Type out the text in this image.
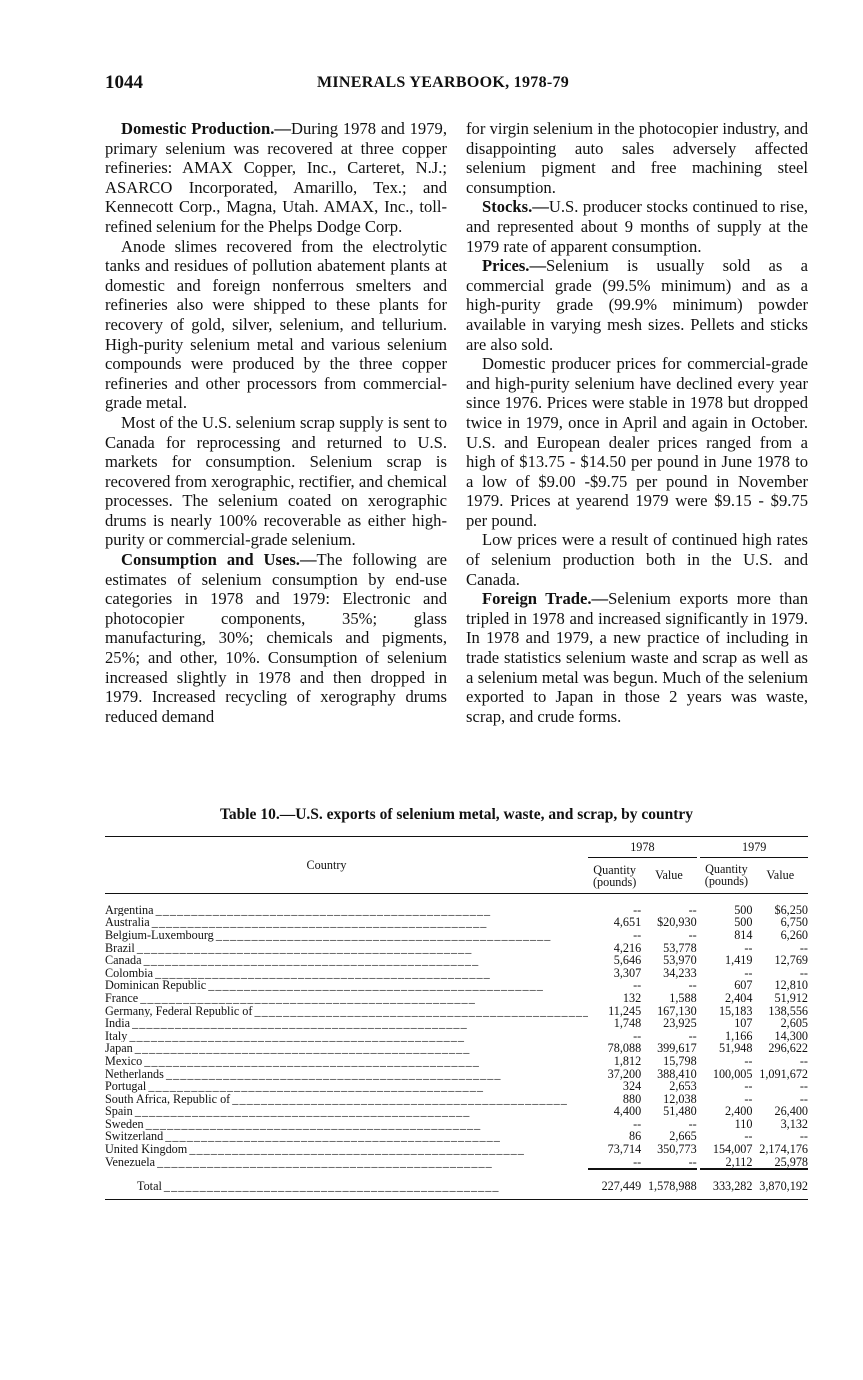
1044	MINERALS YEARBOOK, 1978-79

Domestic Production.—During 1978 and 1979, primary selenium was recovered at three copper refineries: AMAX Copper, Inc., Carteret, N.J.; ASARCO Incorporated, Amarillo, Tex.; and Kennecott Corp., Magna, Utah. AMAX, Inc., toll-refined selenium for the Phelps Dodge Corp.

Anode slimes recovered from the electrolytic tanks and residues of pollution abatement plants at domestic and foreign nonferrous smelters and refineries also were shipped to these plants for recovery of gold, silver, selenium, and tellurium. High-purity selenium metal and various selenium compounds were produced by the three copper refineries and other processors from commercial-grade metal.

Most of the U.S. selenium scrap supply is sent to Canada for reprocessing and returned to U.S. markets for consumption. Selenium scrap is recovered from xerographic, rectifier, and chemical processes. The selenium coated on xerographic drums is nearly 100% recoverable as either high-purity or commercial-grade selenium.

Consumption and Uses.—The following are estimates of selenium consumption by end-use categories in 1978 and 1979: Electronic and photocopier components, 35%; glass manufacturing, 30%; chemicals and pigments, 25%; and other, 10%. Consumption of selenium increased slightly in 1978 and then dropped in 1979. Increased recycling of xerography drums reduced demand

for virgin selenium in the photocopier industry, and disappointing auto sales adversely affected selenium pigment and free machining steel consumption.

Stocks.—U.S. producer stocks continued to rise, and represented about 9 months of supply at the 1979 rate of apparent consumption.

Prices.—Selenium is usually sold as a commercial grade (99.5% minimum) and as a high-purity grade (99.9% minimum) powder available in varying mesh sizes. Pellets and sticks are also sold.

Domestic producer prices for commercial-grade and high-purity selenium have declined every year since 1976. Prices were stable in 1978 but dropped twice in 1979, once in April and again in October. U.S. and European dealer prices ranged from a high of $13.75 - $14.50 per pound in June 1978 to a low of $9.00 -$9.75 per pound in November 1979. Prices at yearend 1979 were $9.15 - $9.75 per pound.

Low prices were a result of continued high rates of selenium production both in the U.S. and Canada.

Foreign Trade.—Selenium exports more than tripled in 1978 and increased significantly in 1979. In 1978 and 1979, a new practice of including in trade statistics selenium waste and scrap as well as a selenium metal was begun. Much of the selenium exported to Japan in those 2 years was waste, scrap, and crude forms.

Table 10.—U.S. exports of selenium metal, waste, and scrap, by country
Country	1978			1979	
	Quantity (pounds)	Value		Quantity (pounds)	Value

Argentina _ _ _	--	--		500	$6,250

Australia _ _ _	4,651	$20,930		500	6,750

Belgium-Luxembourg _ _ _	--	--		814	6,260

Brazil _ _ _	4,216	53,778		--	--

Canada _ _ _	5,646	53,970		1,419	12,769

Colombia _ _ _	3,307	34,233		--	--

Dominican Republic _ _ _	--	--		607	12,810

France _ _ _	132	1,588		2,404	51,912

Germany, Federal Republic of _ _ _	11,245	167,130		15,183	138,556

India _ _ _	1,748	23,925		107	2,605

Italy _ _ _	--	--		1,166	14,300

Japan _ _ _	78,088	399,617		51,948	296,622

Mexico _ _ _	1,812	15,798		--	--

Netherlands _ _ _	37,200	388,410		100,005	1,091,672

Portugal _ _ _	324	2,653		--	--

South Africa, Republic of _ _ _	880	12,038		--	--

Spain _ _ _	4,400	51,480		2,400	26,400

Sweden _ _ _	--	--		110	3,132

Switzerland _ _ _	86	2,665		--	--

United Kingdom _ _ _	73,714	350,773		154,007	2,174,176

Venezuela _ _ _	--	--		2,112	25,978

Total _ _ _	227,449	1,578,988		333,282	3,870,192
